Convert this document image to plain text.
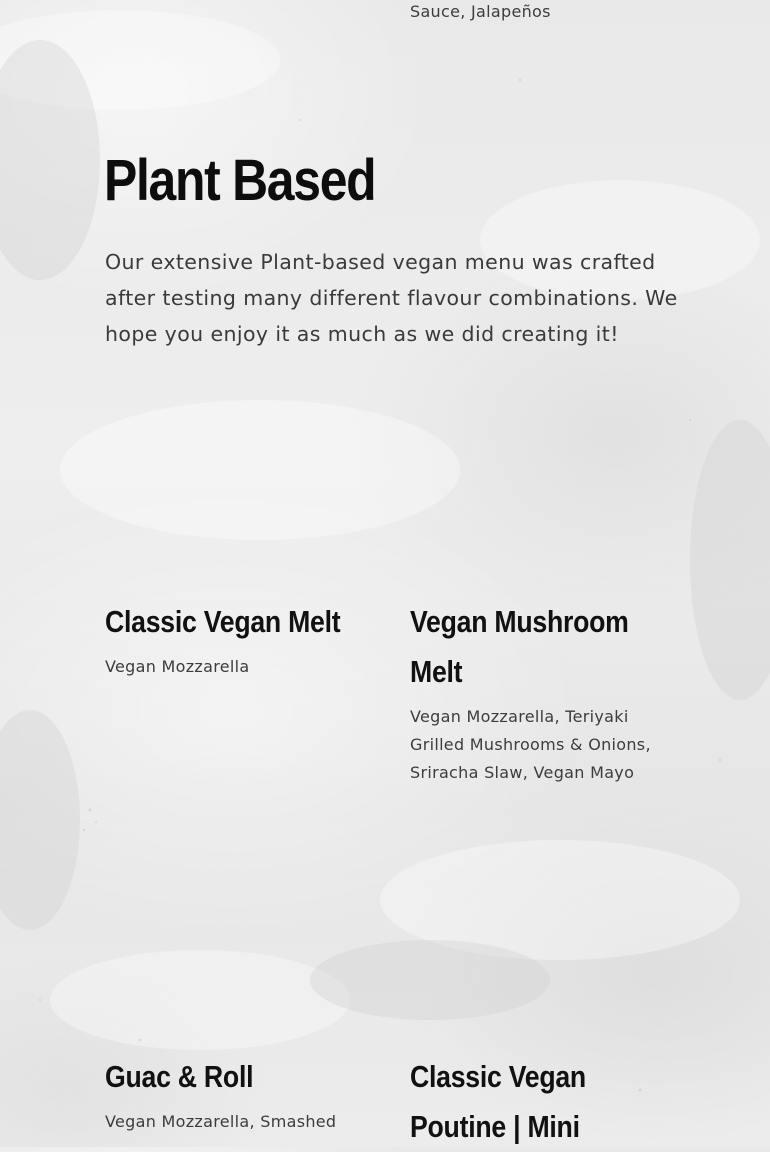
Sauce, Jalapeños

Plant Based

Our extensive Plant-based vegan menu was crafted after testing many different flavour combinations. We hope you enjoy it as much as we did creating it!

Classic Vegan Melt

Vegan Mozzarella

Vegan Mushroom Melt

Vegan Mozzarella, Teriyaki Grilled Mushrooms & Onions, Sriracha Slaw, Vegan Mayo

Guac & Roll

Vegan Mozzarella, Smashed

Classic Vegan Poutine | Mini
